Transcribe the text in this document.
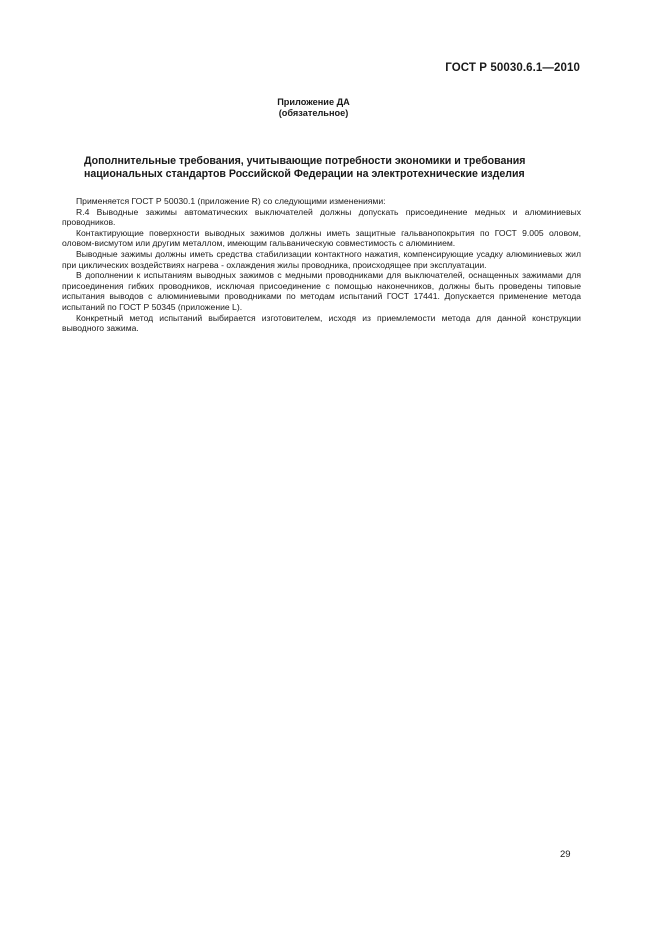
ГОСТ Р 50030.6.1—2010
Приложение ДА
(обязательное)
Дополнительные требования, учитывающие потребности экономики и требования
национальных стандартов Российской Федерации на электротехнические изделия

Применяется ГОСТ Р 50030.1 (приложение R) со следующими изменениями:

R.4 Выводные зажимы автоматических выключателей должны допускать присоединение медных и алюминиевых проводников.

Контактирующие поверхности выводных зажимов должны иметь защитные гальванопокрытия по ГОСТ 9.005 оловом, оловом-висмутом или другим металлом, имеющим гальваническую совместимость с алюминием.

Выводные зажимы должны иметь средства стабилизации контактного нажатия, компенсирующие усадку алюминиевых жил при циклических воздействиях нагрева - охлаждения жилы проводника, происходящее при эксплуатации.

В дополнении к испытаниям выводных зажимов с медными проводниками для выключателей, оснащенных зажимами для присоединения гибких проводников, исключая присоединение с помощью наконечников, должны быть проведены типовые испытания выводов с алюминиевыми проводниками по методам испытаний ГОСТ 17441. Допускается применение метода испытаний по ГОСТ Р 50345 (приложение L).

Конкретный метод испытаний выбирается изготовителем, исходя из приемлемости метода для данной конструкции выводного зажима.

29
